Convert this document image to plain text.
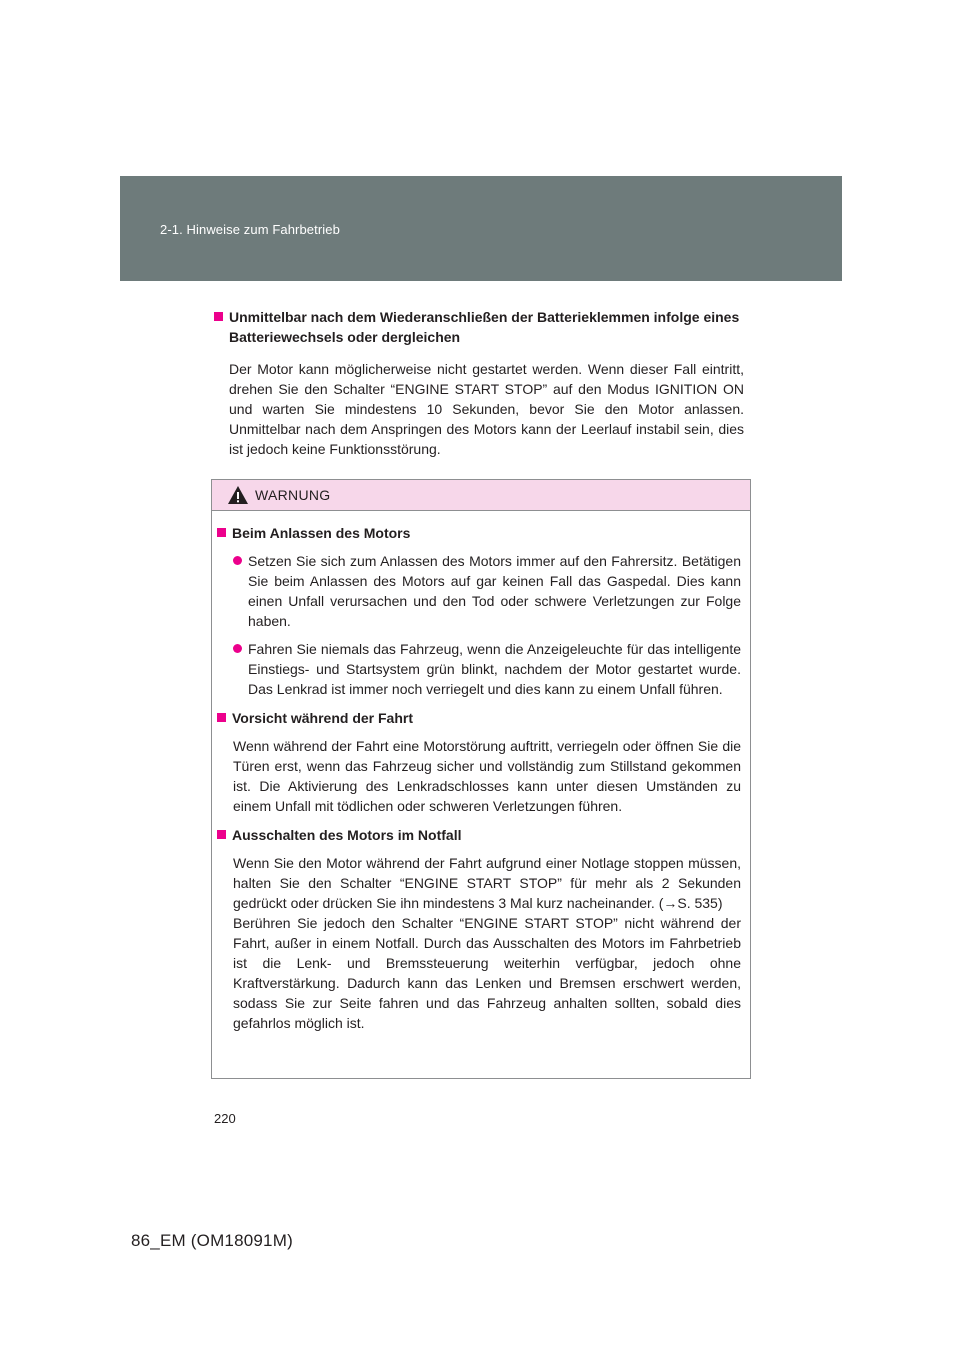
2-1. Hinweise zum Fahrbetrieb
Unmittelbar nach dem Wiederanschließen der Batterieklemmen infolge eines Batteriewechsels oder dergleichen

Der Motor kann möglicherweise nicht gestartet werden. Wenn dieser Fall eintritt, drehen Sie den Schalter “ENGINE START STOP” auf den Modus IGNITION ON und warten Sie mindestens 10 Sekunden, bevor Sie den Motor anlassen. Unmittelbar nach dem Anspringen des Motors kann der Leerlauf instabil sein, dies ist jedoch keine Funktionsstörung.

WARNUNG
Beim Anlassen des Motors
Setzen Sie sich zum Anlassen des Motors immer auf den Fahrersitz. Betätigen Sie beim Anlassen des Motors auf gar keinen Fall das Gaspedal. Dies kann einen Unfall verursachen und den Tod oder schwere Verletzungen zur Folge haben.
Fahren Sie niemals das Fahrzeug, wenn die Anzeigeleuchte für das intelligente Einstiegs- und Startsystem grün blinkt, nachdem der Motor gestartet wurde. Das Lenkrad ist immer noch verriegelt und dies kann zu einem Unfall führen.
Vorsicht während der Fahrt

Wenn während der Fahrt eine Motorstörung auftritt, verriegeln oder öffnen Sie die Türen erst, wenn das Fahrzeug sicher und vollständig zum Stillstand gekommen ist. Die Aktivierung des Lenkradschlosses kann unter diesen Umständen zu einem Unfall mit tödlichen oder schweren Verletzungen führen.

Ausschalten des Motors im Notfall

Wenn Sie den Motor während der Fahrt aufgrund einer Notlage stoppen müssen, halten Sie den Schalter “ENGINE START STOP” für mehr als 2 Sekunden gedrückt oder drücken Sie ihn mindestens 3 Mal kurz nacheinander. (→S. 535)

Berühren Sie jedoch den Schalter “ENGINE START STOP” nicht während der Fahrt, außer in einem Notfall. Durch das Ausschalten des Motors im Fahrbetrieb ist die Lenk- und Bremssteuerung weiterhin verfügbar, jedoch ohne Kraftverstärkung. Dadurch kann das Lenken und Bremsen erschwert werden, sodass Sie zur Seite fahren und das Fahrzeug anhalten sollten, sobald dies gefahrlos möglich ist.

220
86_EM (OM18091M)
